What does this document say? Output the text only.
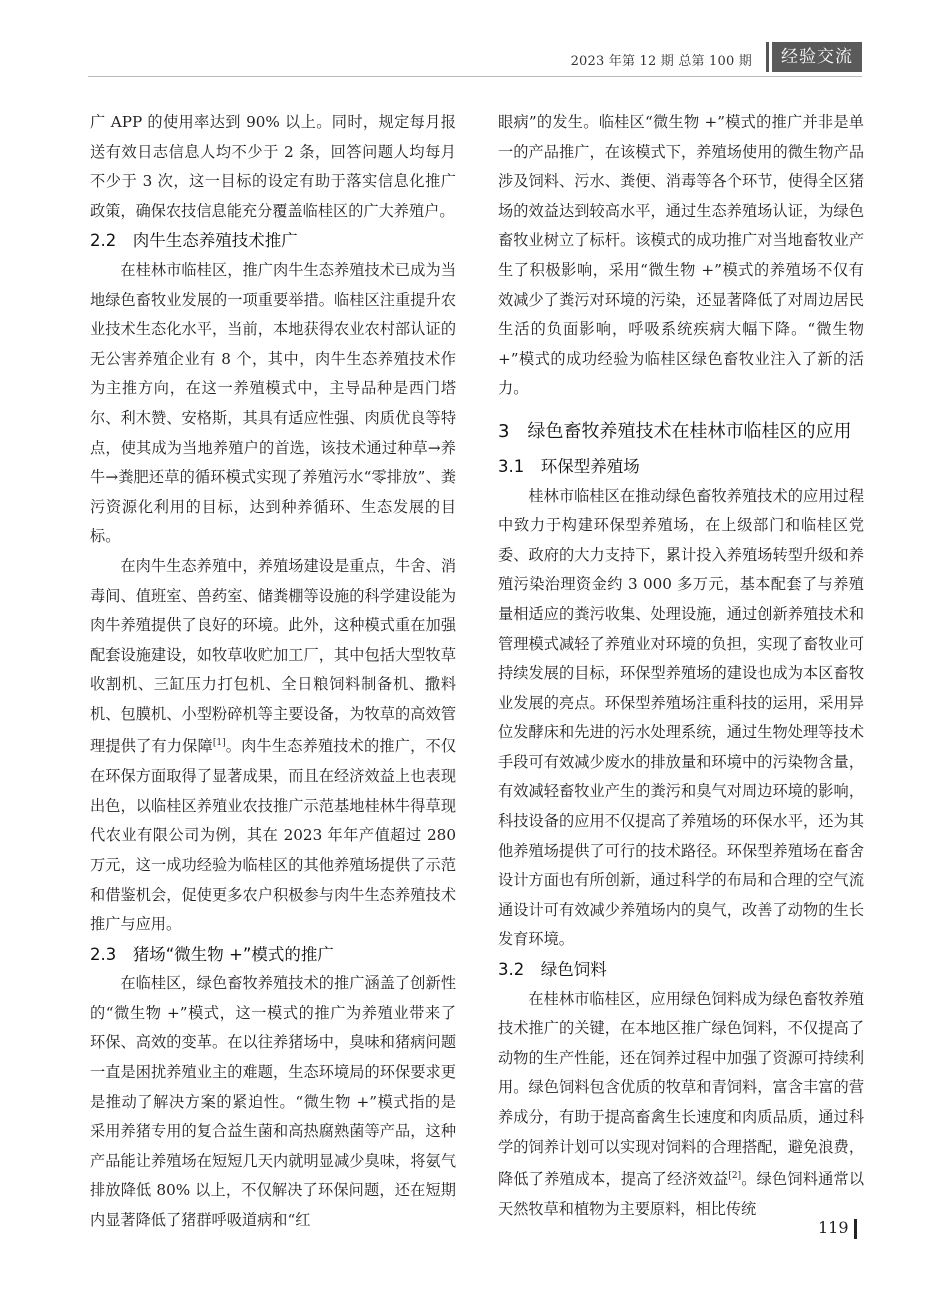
2023 年第 12 期 总第 100 期	经验交流

广 APP 的使用率达到 90% 以上。同时，规定每月报送有效日志信息人均不少于 2 条，回答问题人均每月不少于 3 次，这一目标的设定有助于落实信息化推广政策，确保农技信息能充分覆盖临桂区的广大养殖户。

2.2　肉牛生态养殖技术推广

在桂林市临桂区，推广肉牛生态养殖技术已成为当地绿色畜牧业发展的一项重要举措。临桂区注重提升农业技术生态化水平，当前，本地获得农业农村部认证的无公害养殖企业有 8 个，其中，肉牛生态养殖技术作为主推方向，在这一养殖模式中，主导品种是西门塔尔、利木赞、安格斯，其具有适应性强、肉质优良等特点，使其成为当地养殖户的首选，该技术通过种草→养牛→粪肥还草的循环模式实现了养殖污水“零排放”、粪污资源化利用的目标，达到种养循环、生态发展的目标。

在肉牛生态养殖中，养殖场建设是重点，牛舍、消毒间、值班室、兽药室、储粪棚等设施的科学建设能为肉牛养殖提供了良好的环境。此外，这种模式重在加强配套设施建设，如牧草收贮加工厂，其中包括大型牧草收割机、三缸压力打包机、全日粮饲料制备机、撒料机、包膜机、小型粉碎机等主要设备，为牧草的高效管理提供了有力保障[1]。肉牛生态养殖技术的推广，不仅在环保方面取得了显著成果，而且在经济效益上也表现出色，以临桂区养殖业农技推广示范基地桂林牛得草现代农业有限公司为例，其在 2023 年年产值超过 280 万元，这一成功经验为临桂区的其他养殖场提供了示范和借鉴机会，促使更多农户积极参与肉牛生态养殖技术推广与应用。

2.3　猪场“微生物 +”模式的推广

在临桂区，绿色畜牧养殖技术的推广涵盖了创新性的“微生物 +”模式，这一模式的推广为养殖业带来了环保、高效的变革。在以往养猪场中，臭味和猪病问题一直是困扰养殖业主的难题，生态环境局的环保要求更是推动了解决方案的紧迫性。“微生物 +”模式指的是采用养猪专用的复合益生菌和高热腐熟菌等产品，这种产品能让养殖场在短短几天内就明显减少臭味，将氨气排放降低 80% 以上，不仅解决了环保问题，还在短期内显著降低了猪群呼吸道病和“红

眼病”的发生。临桂区“微生物 +”模式的推广并非是单一的产品推广，在该模式下，养殖场使用的微生物产品涉及饲料、污水、粪便、消毒等各个环节，使得全区猪场的效益达到较高水平，通过生态养殖场认证，为绿色畜牧业树立了标杆。该模式的成功推广对当地畜牧业产生了积极影响，采用“微生物 +”模式的养殖场不仅有效减少了粪污对环境的污染，还显著降低了对周边居民生活的负面影响，呼吸系统疾病大幅下降。“微生物 +”模式的成功经验为临桂区绿色畜牧业注入了新的活力。

3　绿色畜牧养殖技术在桂林市临桂区的应用
3.1　环保型养殖场

桂林市临桂区在推动绿色畜牧养殖技术的应用过程中致力于构建环保型养殖场，在上级部门和临桂区党委、政府的大力支持下，累计投入养殖场转型升级和养殖污染治理资金约 3 000 多万元，基本配套了与养殖量相适应的粪污收集、处理设施，通过创新养殖技术和管理模式减轻了养殖业对环境的负担，实现了畜牧业可持续发展的目标，环保型养殖场的建设也成为本区畜牧业发展的亮点。环保型养殖场注重科技的运用，采用异位发酵床和先进的污水处理系统，通过生物处理等技术手段可有效减少废水的排放量和环境中的污染物含量，有效减轻畜牧业产生的粪污和臭气对周边环境的影响，科技设备的应用不仅提高了养殖场的环保水平，还为其他养殖场提供了可行的技术路径。环保型养殖场在畜舍设计方面也有所创新，通过科学的布局和合理的空气流通设计可有效减少养殖场内的臭气，改善了动物的生长发育环境。

3.2　绿色饲料

在桂林市临桂区，应用绿色饲料成为绿色畜牧养殖技术推广的关键，在本地区推广绿色饲料，不仅提高了动物的生产性能，还在饲养过程中加强了资源可持续利用。绿色饲料包含优质的牧草和青饲料，富含丰富的营养成分，有助于提高畜禽生长速度和肉质品质，通过科学的饲养计划可以实现对饲料的合理搭配，避免浪费，降低了养殖成本，提高了经济效益[2]。绿色饲料通常以天然牧草和植物为主要原料，相比传统

119
